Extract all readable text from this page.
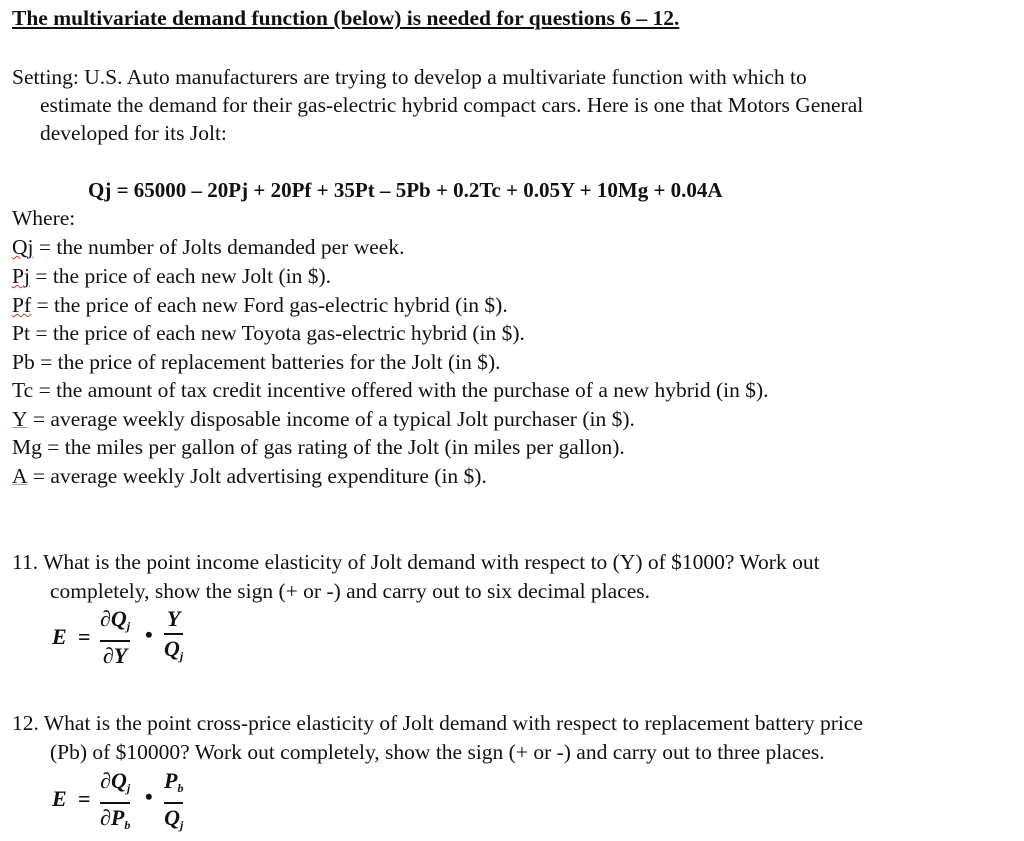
The multivariate demand function (below) is needed for questions 6 – 12.
Setting: U.S. Auto manufacturers are trying to develop a multivariate function with which to
estimate the demand for their gas-electric hybrid compact cars. Here is one that Motors General
developed for its Jolt:
Qj = 65000 – 20Pj + 20Pf + 35Pt – 5Pb + 0.2Tc + 0.05Y + 10Mg + 0.04A
Where:
Qj = the number of Jolts demanded per week.
Pj = the price of each new Jolt (in $).
Pf = the price of each new Ford gas-electric hybrid (in $).
Pt = the price of each new Toyota gas-electric hybrid (in $).
Pb = the price of replacement batteries for the Jolt (in $).
Tc = the amount of tax credit incentive offered with the purchase of a new hybrid (in $).
Y = average weekly disposable income of a typical Jolt purchaser (in $).
Mg = the miles per gallon of gas rating of the Jolt (in miles per gallon).
A = average weekly Jolt advertising expenditure (in $).
11. What is the point income elasticity of Jolt demand with respect to (Y) of $1000? Work out
completely, show the sign (+ or -) and carry out to six decimal places.
E =
$\partial Q_j$
∂Y
•
Y
$Q_j$
12. What is the point cross-price elasticity of Jolt demand with respect to replacement battery price
(Pb) of $10000? Work out completely, show the sign (+ or -) and carry out to three places.
E =
$\partial Q_j$
$\partial P_b$
•
$P_b$
$Q_j$
